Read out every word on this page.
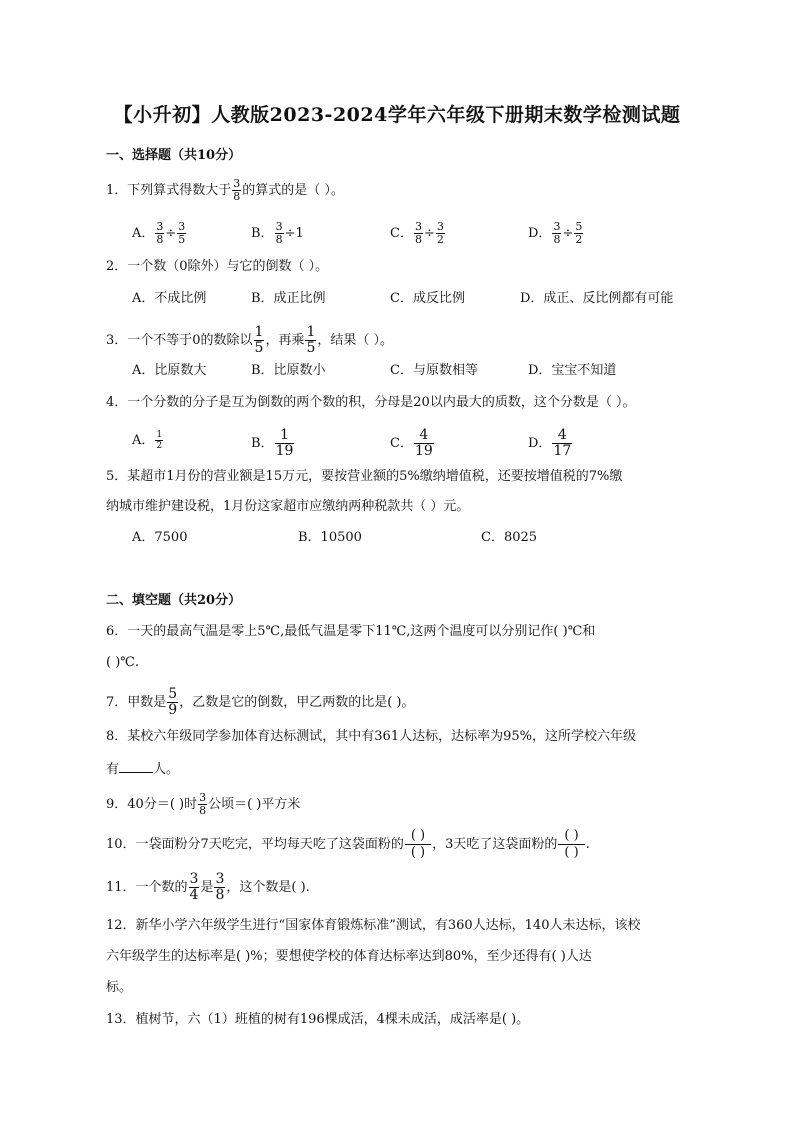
【小升初】人教版2023-2024学年六年级下册期末数学检测试题
一、选择题（共10分）
1．下列算式得数大于 $\frac{3}{8}$ 的算式的是（ ）。
A． $\frac{3}{8} \div \frac{3}{5}$	B． $\frac{3}{8} \div 1$	C． $\frac{3}{8} \div \frac{3}{2}$	D． $\frac{3}{8} \div \frac{5}{2}$
2．一个数（0除外）与它的倒数（ ）。
A．不成比例	B．成正比例	C．成反比例	D．成正、反比例都有可能
3．一个不等于0的数除以 $\frac{1}{5}$ ，再乘 $\frac{1}{5}$ ，结果（ ）。
A．比原数大	B．比原数小	C．与原数相等	D．宝宝不知道
4．一个分数的分子是互为倒数的两个数的积，分母是20以内最大的质数，这个分数是（ ）。
A． $\frac{1}{2}$	B． $\frac{1}{19}$	C． $\frac{4}{19}$	D． $\frac{4}{17}$
5．某超市1月份的营业额是15万元，要按营业额的5%缴纳增值税，还要按增值税的7%缴
纳城市维护建设税，1月份这家超市应缴纳两种税款共（ ）元。
A．7500	B．10500	C．8025
二、填空题（共20分）
6．一天的最高气温是零上5℃,最低气温是零下11℃,这两个温度可以分别记作( )℃和
( )℃.
7．甲数是 $\frac{5}{9}$ ，乙数是它的倒数，甲乙两数的比是( )。
8．某校六年级同学参加体育达标测试，其中有361人达标，达标率为95%，这所学校六年级
有	人。
9．40分＝( )时 $\frac{3}{8}$ 公顷＝( )平方米
10．一袋面粉分7天吃完，平均每天吃了这袋面粉的 $\frac{( )}{( )}$ ，3天吃了这袋面粉的 $\frac{( )}{( )}$ .
11．一个数的 $\frac{3}{4}$ 是 $\frac{3}{8}$ ，这个数是( ).
12．新华小学六年级学生进行“国家体育锻炼标准”测试，有360人达标，140人未达标，该校
六年级学生的达标率是( )%；要想使学校的体育达标率达到80%，至少还得有( )人达
标。
13．植树节，六（1）班植的树有196棵成活，4棵未成活，成活率是( )。
